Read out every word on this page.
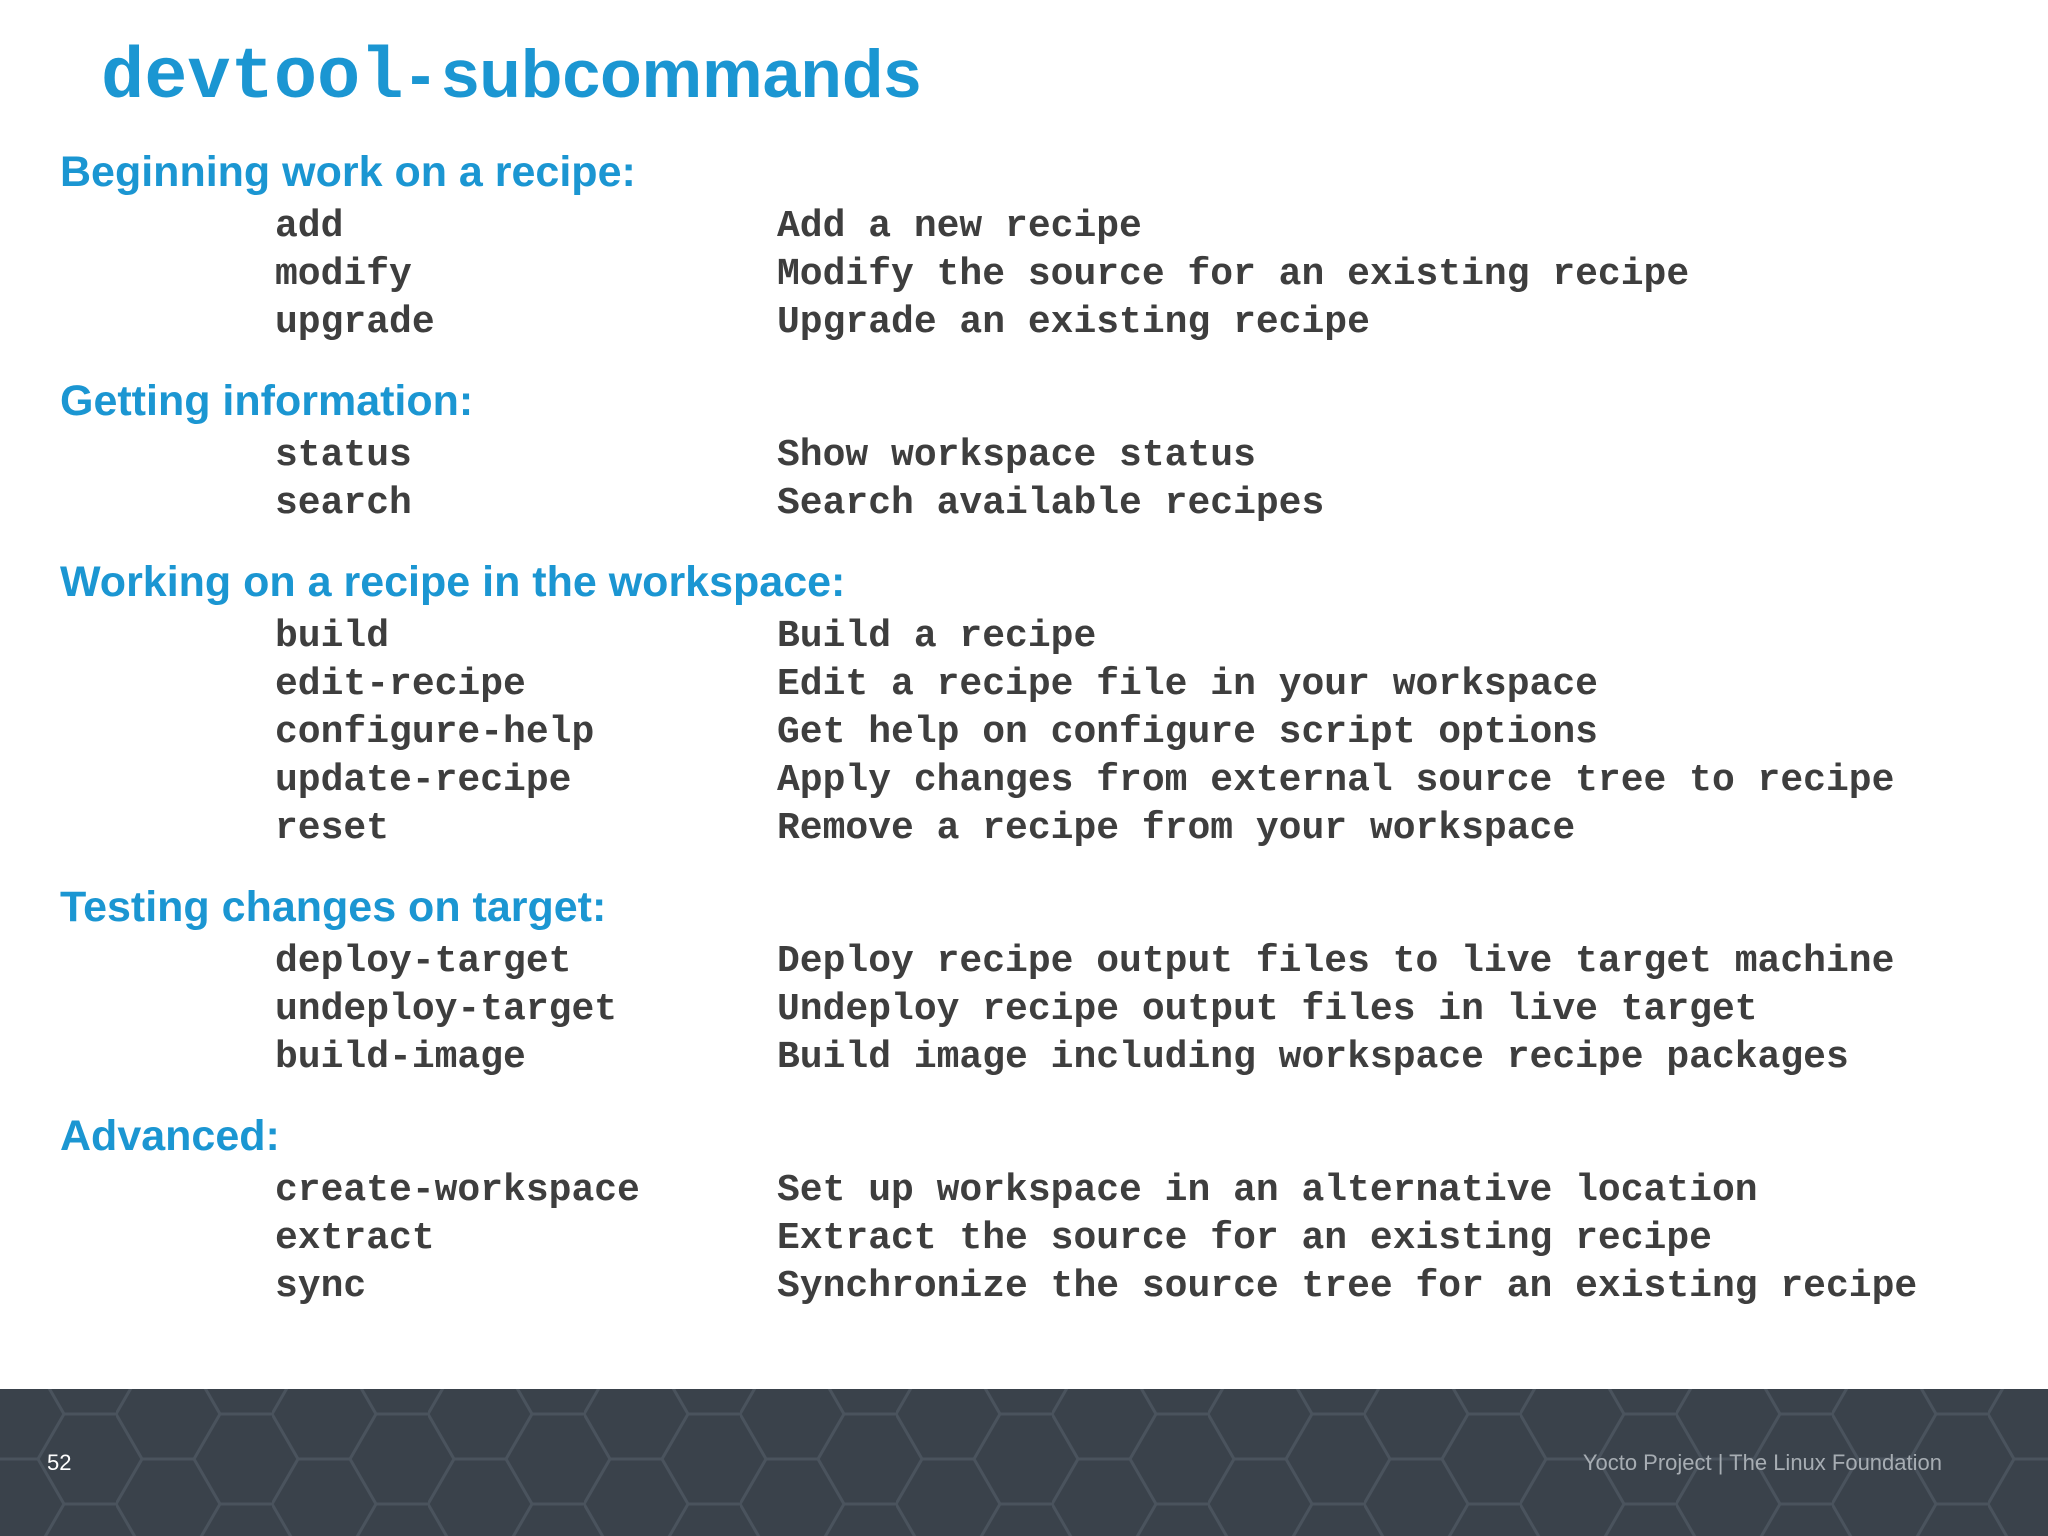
devtool- subcommands
Beginning work on a recipe:
add	Add a new recipe
modify	Modify the source for an existing recipe
upgrade	Upgrade an existing recipe
Getting information:
status	Show workspace status
search	Search available recipes
Working on a recipe in the workspace:
build	Build a recipe
edit-recipe	Edit a recipe file in your workspace
configure-help	Get help on configure script options
update-recipe	Apply changes from external source tree to recipe
reset	Remove a recipe from your workspace
Testing changes on target:
deploy-target	Deploy recipe output files to live target machine
undeploy-target	Undeploy recipe output files in live target
build-image	Build image including workspace recipe packages
Advanced:
create-workspace	Set up workspace in an alternative location
extract	Extract the source for an existing recipe
sync	Synchronize the source tree for an existing recipe
52	Yocto Project | The Linux Foundation
